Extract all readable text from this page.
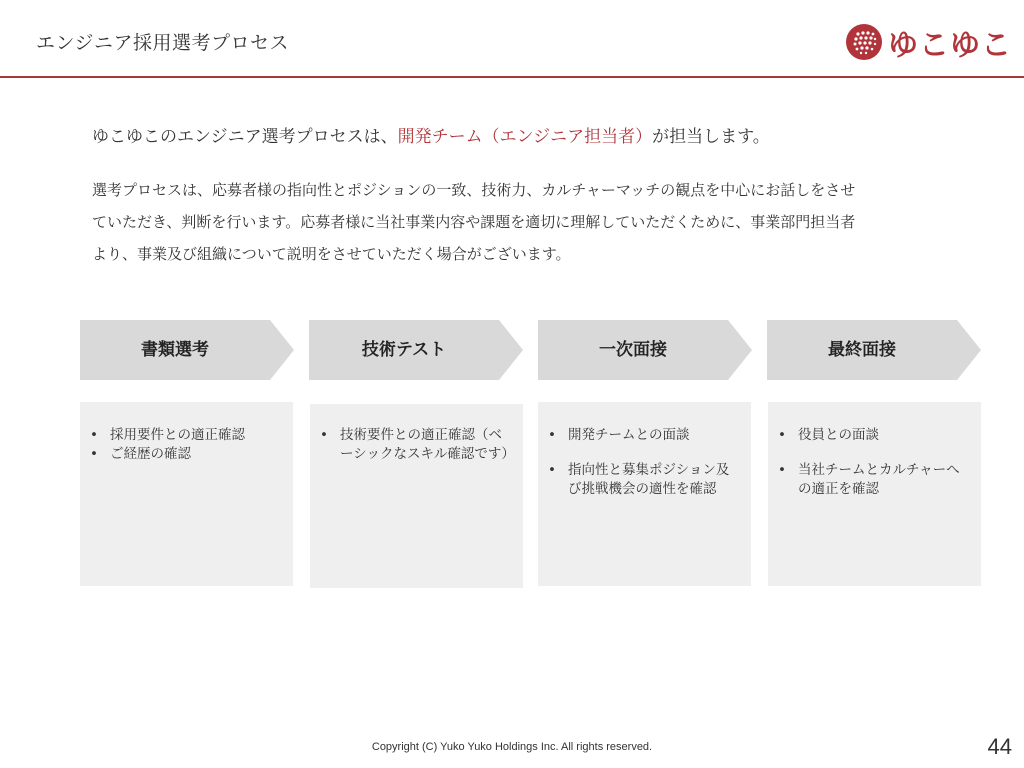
エンジニア採用選考プロセス	ゆこゆこ
ゆこゆこのエンジニア選考プロセスは、開発チーム（エンジニア担当者）が担当します。
選考プロセスは、応募者様の指向性とポジションの一致、技術力、カルチャーマッチの観点を中心にお話しをさせ
ていただき、判断を行います。応募者様に当社事業内容や課題を適切に理解していただくために、事業部門担当者
より、事業及び組織について説明をさせていただく場合がございます。
書類選考	技術テスト	一次面接	最終面接
• 採用要件との適正確認
• ご経歴の確認
• 技術要件との適正確認（ベーシックなスキル確認です）
• 開発チームとの面談
• 指向性と募集ポジション及び挑戦機会の適性を確認
• 役員との面談
• 当社チームとカルチャーへの適正を確認
Copyright (C) Yuko Yuko Holdings Inc. All rights reserved.	44
